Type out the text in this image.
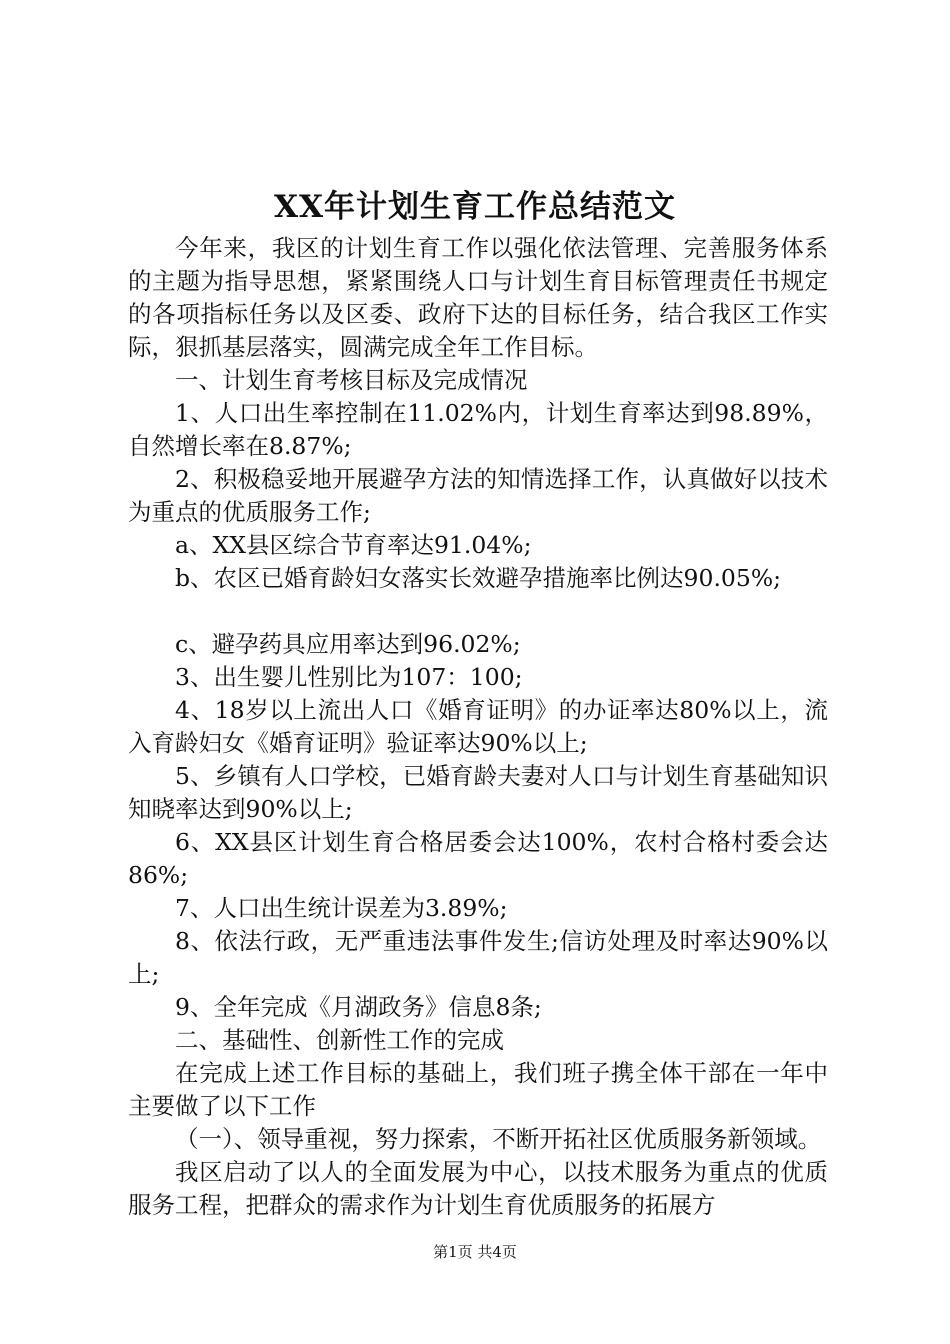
XX年计划生育工作总结范文

今年来，我区的计划生育工作以强化依法管理、完善服务体系的主题为指导思想，紧紧围绕人口与计划生育目标管理责任书规定的各项指标任务以及区委、政府下达的目标任务，结合我区工作实际，狠抓基层落实，圆满完成全年工作目标。

一、计划生育考核目标及完成情况

1、人口出生率控制在11.02%内，计划生育率达到98.89%，自然增长率在8.87%;

2、积极稳妥地开展避孕方法的知情选择工作，认真做好以技术为重点的优质服务工作;

a、XX县区综合节育率达91.04%;

b、农区已婚育龄妇女落实长效避孕措施率比例达90.05%;

c、避孕药具应用率达到96.02%;

3、出生婴儿性别比为107：100;

4、18岁以上流出人口《婚育证明》的办证率达80%以上，流入育龄妇女《婚育证明》验证率达90%以上;

5、乡镇有人口学校，已婚育龄夫妻对人口与计划生育基础知识知晓率达到90%以上;

6、XX县区计划生育合格居委会达100%，农村合格村委会达86%;

7、人口出生统计误差为3.89%;

8、依法行政，无严重违法事件发生;信访处理及时率达90%以上;

9、全年完成《月湖政务》信息8条;

二、基础性、创新性工作的完成

在完成上述工作目标的基础上，我们班子携全体干部在一年中主要做了以下工作

（一）、领导重视，努力探索，不断开拓社区优质服务新领域。

我区启动了以人的全面发展为中心，以技术服务为重点的优质服务工程，把群众的需求作为计划生育优质服务的拓展方

第1页 共4页
